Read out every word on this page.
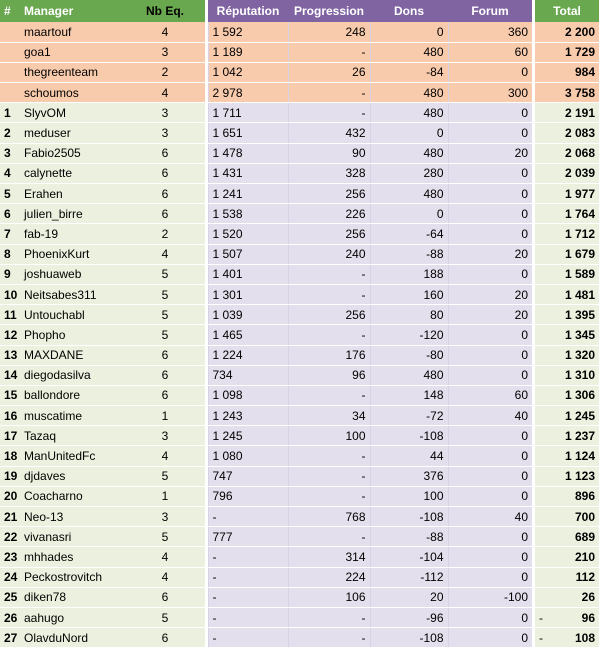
#	Manager	Nb Eq.		Réputation	Progression	Dons	Forum		Total
	maartouf	4		1 592	248	0	360		2 200

	goa1	3		1 189	-	480	60		1 729

	thegreenteam	2		1 042	26	-84	0		984

	schoumos	4		2 978	-	480	300		3 758

1	SlyvOM	3		1 711	-	480	0		2 191

2	meduser	3		1 651	432	0	0		2 083

3	Fabio2505	6		1 478	90	480	20		2 068

4	calynette	6		1 431	328	280	0		2 039

5	Erahen	6		1 241	256	480	0		1 977

6	julien_birre	6		1 538	226	0	0		1 764

7	fab-19	2		1 520	256	-64	0		1 712

8	PhoenixKurt	4		1 507	240	-88	20		1 679

9	joshuaweb	5		1 401	-	188	0		1 589

10	Neitsabes311	5		1 301	-	160	20		1 481

11	Untouchabl	5		1 039	256	80	20		1 395

12	Phopho	5		1 465	-	-120	0		1 345

13	MAXDANE	6		1 224	176	-80	0		1 320

14	diegodasilva	6		734	96	480	0		1 310

15	ballondore	6		1 098	-	148	60		1 306

16	muscatime	1		1 243	34	-72	40		1 245

17	Tazaq	3		1 245	100	-108	0		1 237

18	ManUnitedFc	4		1 080	-	44	0		1 124

19	djdaves	5		747	-	376	0		1 123

20	Coacharno	1		796	-	100	0		896

21	Neo-13	3		-	768	-108	40		700

22	vivanasri	5		777	-	-88	0		689

23	mhhades	4		-	314	-104	0		210

24	Peckostrovitch	4		-	224	-112	0		112

25	diken78	6		-	106	20	-100		26

26	aahugo	5		-	-	-96	0		- 96

27	OlavduNord	6		-	-	-108	0		- 108
